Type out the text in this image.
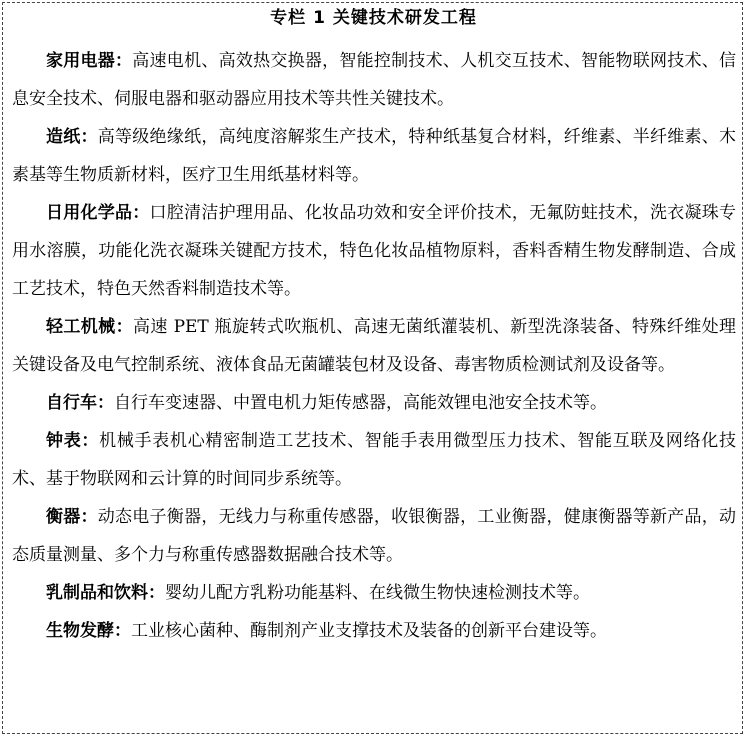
专栏 1 关键技术研发工程

家用电器：高速电机、高效热交换器，智能控制技术、人机交互技术、智能物联网技术、信息安全技术、伺服电器和驱动器应用技术等共性关键技术。

造纸：高等级绝缘纸，高纯度溶解浆生产技术，特种纸基复合材料，纤维素、半纤维素、木素基等生物质新材料，医疗卫生用纸基材料等。

日用化学品：口腔清洁护理用品、化妆品功效和安全评价技术，无氟防蛀技术，洗衣凝珠专用水溶膜，功能化洗衣凝珠关键配方技术，特色化妆品植物原料，香料香精生物发酵制造、合成工艺技术，特色天然香料制造技术等。

轻工机械：高速 PET 瓶旋转式吹瓶机、高速无菌纸灌装机、新型洗涤装备、特殊纤维处理关键设备及电气控制系统、液体食品无菌罐装包材及设备、毒害物质检测试剂及设备等。

自行车：自行车变速器、中置电机力矩传感器，高能效锂电池安全技术等。

钟表：机械手表机心精密制造工艺技术、智能手表用微型压力技术、智能互联及网络化技术、基于物联网和云计算的时间同步系统等。

衡器：动态电子衡器，无线力与称重传感器，收银衡器，工业衡器，健康衡器等新产品，动态质量测量、多个力与称重传感器数据融合技术等。

乳制品和饮料：婴幼儿配方乳粉功能基料、在线微生物快速检测技术等。

生物发酵：工业核心菌种、酶制剂产业支撑技术及装备的创新平台建设等。
